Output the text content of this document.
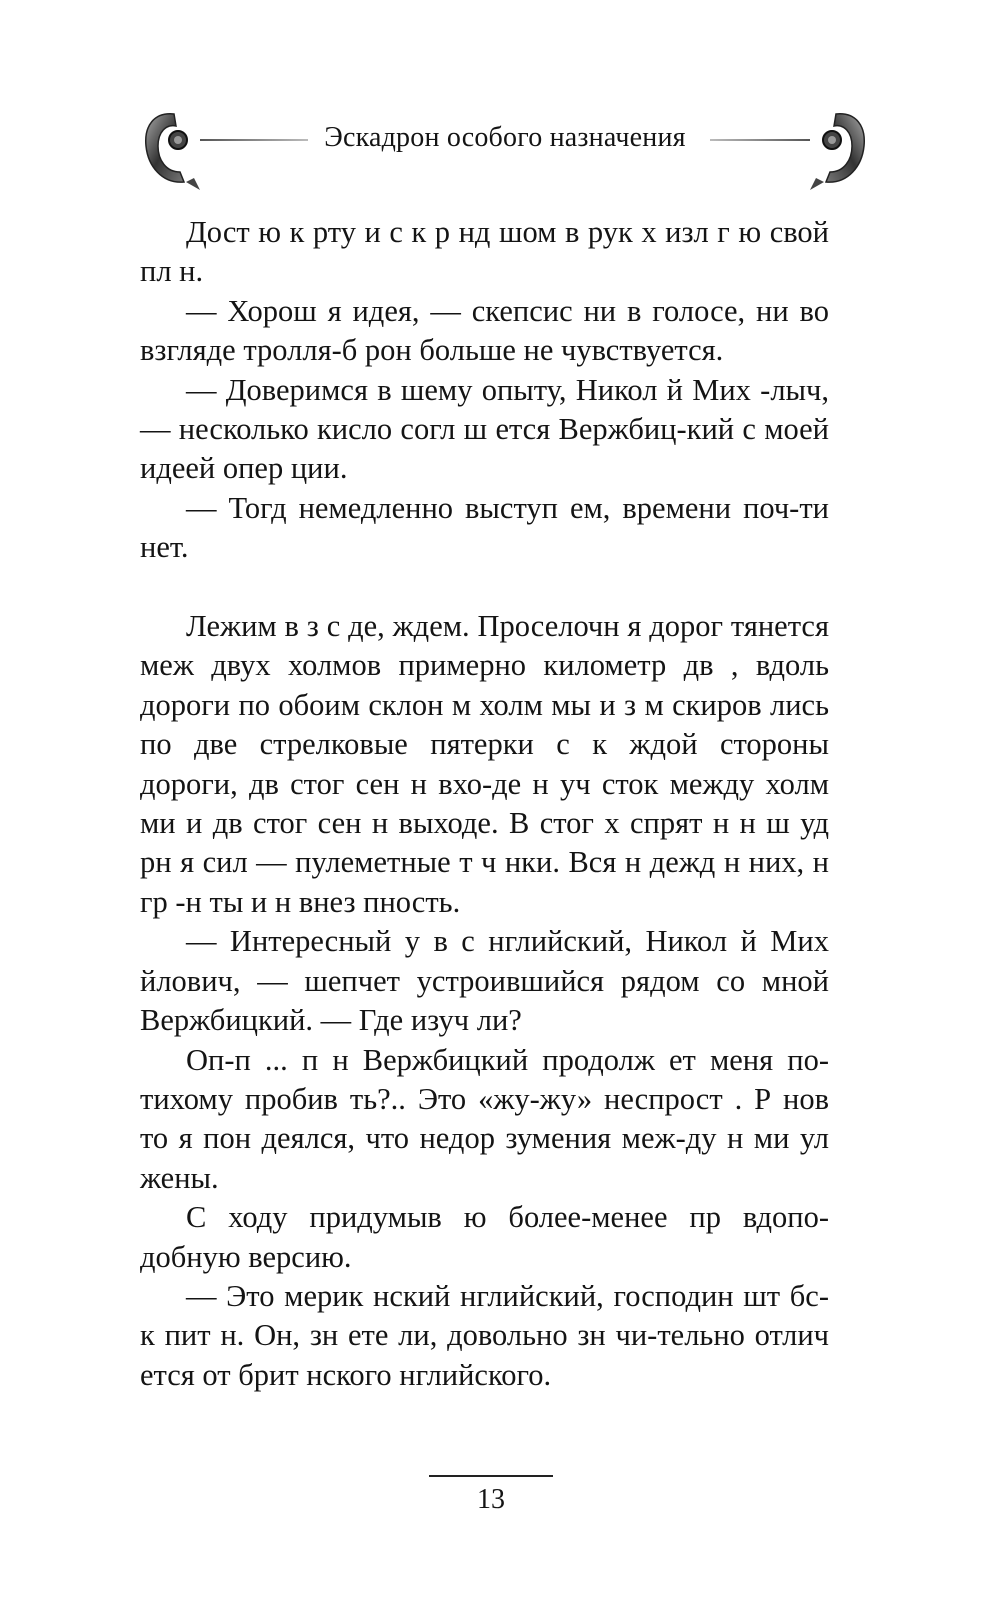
Эскадрон особого назначения

Дост ю к рту и с к р нд шом в рук х изл г ю свой пл н.

— Хорош я идея, — скепсис ни в голосе, ни во взгляде тролля-б рон больше не чувствуется.

— Доверимся в шему опыту, Никол й Мих -лыч, — несколько кисло согл ш ется Вержбиц-кий с моей идеей опер ции.

— Тогд немедленно выступ ем, времени поч-ти нет.

Лежим в з с де, ждем. Проселочн я дорог тянется меж двух холмов примерно километр дв , вдоль дороги по обоим склон м холм мы и з м скиров лись по две стрелковые пятерки с к ждой стороны дороги, дв стог сен н вхо-де н уч сток между холм ми и дв стог сен н выходе. В стог х спрят н н ш уд рн я сил — пулеметные т ч нки. Вся н дежд н них, н гр -н ты и н внез пность.

— Интересный у в с нглийский, Никол й Мих йлович, — шепчет устроившийся рядом со мной Вержбицкий. — Где изуч ли?

Оп-п ... п н Вержбицкий продолж ет меня по-тихому пробив ть?.. Это «жу-жу» неспрост . Р нов то я пон деялся, что недор зумения меж-ду н ми ул жены.

С ходу придумыв ю более-менее пр вдопо-добную версию.

— Это мерик нский нглийский, господин шт бс-к пит н. Он, зн ете ли, довольно зн чи-тельно отлич ется от брит нского нглийского.

13
